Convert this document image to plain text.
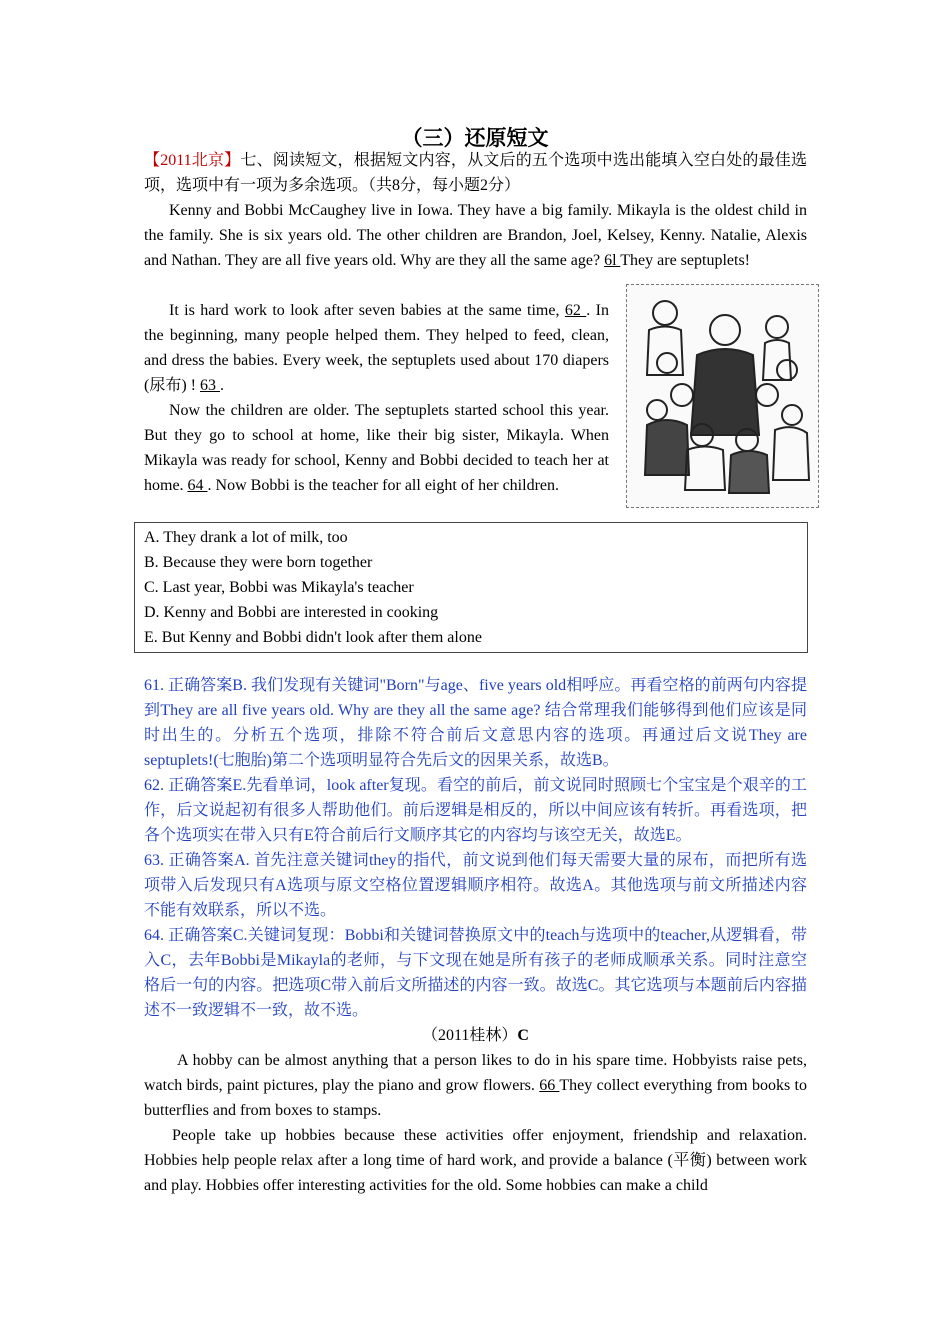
（三）还原短文

【2011北京】七、阅读短文，根据短文内容，从文后的五个选项中选出能填入空白处的最佳选项，选项中有一项为多余选项。（共8分，每小题2分）

Kenny and Bobbi McCaughey live in Iowa. They have a big family. Mikayla is the oldest child in the family. She is six years old. The other children are Brandon, Joel, Kelsey, Kenny. Natalie, Alexis and Nathan. They are all five years old. Why are they all the same age? 6l They are septuplets!

It is hard work to look after seven babies at the same time, 62 . In the beginning, many people helped them. They helped to feed, clean, and dress the babies. Every week, the septuplets used about 170 diapers (尿布) ! 63 .

Now the children are older. The septuplets started school this year. But they go to school at home, like their big sister, Mikayla. When Mikayla was ready for school, Kenny and Bobbi decided to teach her at home. 64 . Now Bobbi is the teacher for all eight of her children.

A. They drank a lot of milk, too
B. Because they were born together
C. Last year, Bobbi was Mikayla's teacher
D. Kenny and Bobbi are interested in cooking
E. But Kenny and Bobbi didn't look after them alone

61. 正确答案B. 我们发现有关键词"Born"与age、five years old相呼应。再看空格的前两句内容提到They are all five years old. Why are they all the same age? 结合常理我们能够得到他们应该是同时出生的。分析五个选项，排除不符合前后文意思内容的选项。再通过后文说They are septuplets!(七胞胎)第二个选项明显符合先后文的因果关系，故选B。

62. 正确答案E.先看单词，look after复现。看空的前后，前文说同时照顾七个宝宝是个艰辛的工作，后文说起初有很多人帮助他们。前后逻辑是相反的，所以中间应该有转折。再看选项，把各个选项实在带入只有E符合前后行文顺序其它的内容均与该空无关，故选E。

63. 正确答案A. 首先注意关键词they的指代，前文说到他们每天需要大量的尿布，而把所有选项带入后发现只有A选项与原文空格位置逻辑顺序相符。故选A。其他选项与前文所描述内容不能有效联系，所以不选。

64. 正确答案C.关键词复现：Bobbi和关键词替换原文中的teach与选项中的teacher,从逻辑看，带入C，去年Bobbi是Mikayla的老师，与下文现在她是所有孩子的老师成顺承关系。同时注意空格后一句的内容。把选项C带入前后文所描述的内容一致。故选C。其它选项与本题前后内容描述不一致逻辑不一致，故不选。

（2011桂林）C

A hobby can be almost anything that a person likes to do in his spare time. Hobbyists raise pets, watch birds, paint pictures, play the piano and grow flowers. 66 They collect everything from books to butterflies and from boxes to stamps.

People take up hobbies because these activities offer enjoyment, friendship and relaxation. Hobbies help people relax after a long time of hard work, and provide a balance (平衡) between work and play. Hobbies offer interesting activities for the old. Some hobbies can make a child
